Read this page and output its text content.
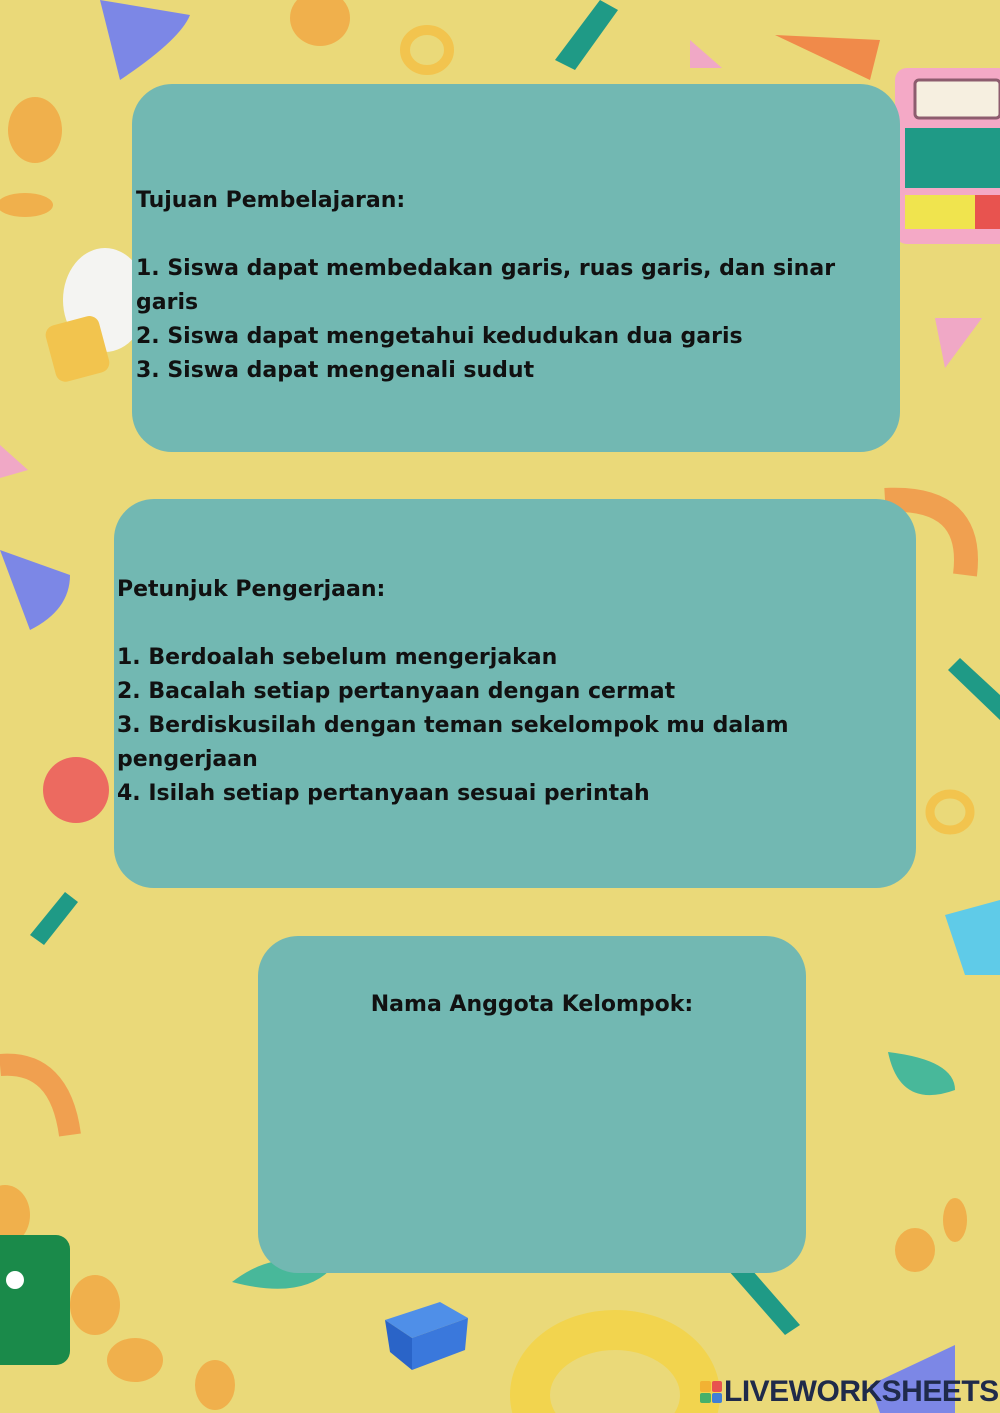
Tujuan Pembelajaran:

1. Siswa dapat membedakan garis, ruas garis, dan sinar garis
2. Siswa dapat mengetahui kedudukan dua garis
3. Siswa dapat mengenali sudut

Petunjuk Pengerjaan:

1. Berdoalah sebelum mengerjakan
2. Bacalah setiap pertanyaan dengan cermat
3. Berdiskusilah dengan teman sekelompok mu dalam pengerjaan
4. Isilah setiap pertanyaan sesuai perintah

Nama Anggota Kelompok:

LIVEWORKSHEETS
